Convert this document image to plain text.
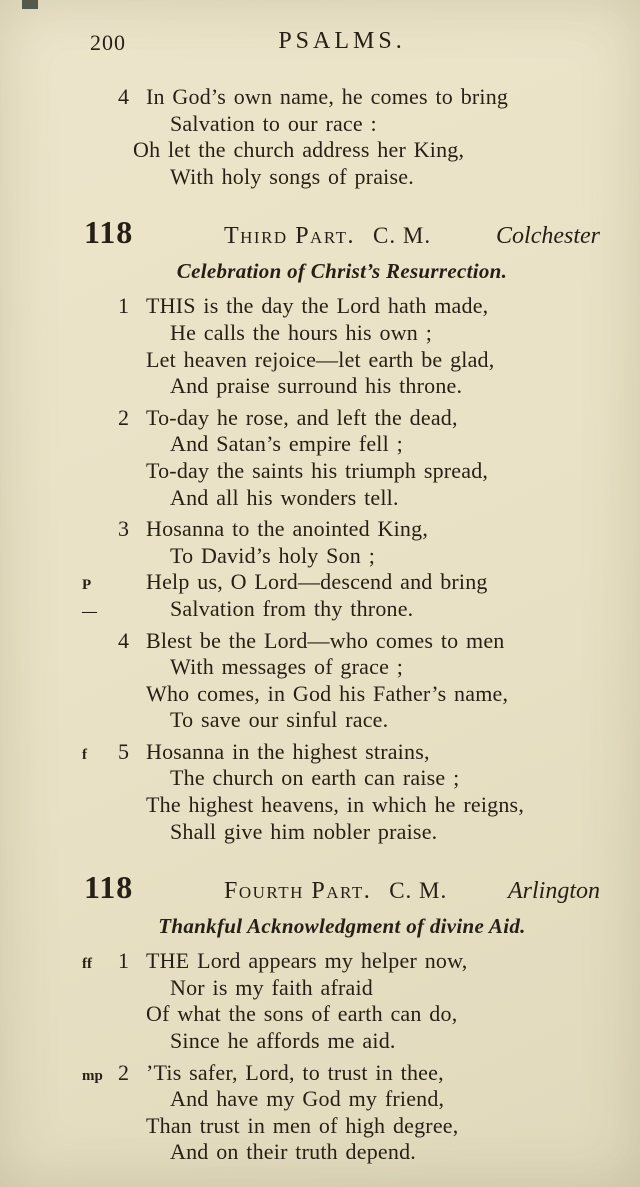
200	PSALMS.
4 In God’s own name, he comes to bring
Salvation to our race :
Oh let the church address her King,
With holy songs of praise.
118	Third Part. C. M.	Colchester
Celebration of Christ’s Resurrection.
1 THIS is the day the Lord hath made,
He calls the hours his own ;
Let heaven rejoice—let earth be glad,
And praise surround his throne.
2 To-day he rose, and left the dead,
And Satan’s empire fell ;
To-day the saints his triumph spread,
And all his wonders tell.
3 Hosanna to the anointed King,
To David’s holy Son ;
P Help us, O Lord—descend and bring
—	Salvation from thy throne.
4 Blest be the Lord—who comes to men
With messages of grace ;
Who comes, in God his Father’s name,
To save our sinful race.
f 5 Hosanna in the highest strains,
The church on earth can raise ;
The highest heavens, in which he reigns,
Shall give him nobler praise.
118	Fourth Part. C. M.	Arlington
Thankful Acknowledgment of divine Aid.
ff 1 THE Lord appears my helper now,
Nor is my faith afraid
Of what the sons of earth can do,
Since he affords me aid.
mp 2 ’Tis safer, Lord, to trust in thee,
And have my God my friend,
Than trust in men of high degree,
And on their truth depend.
